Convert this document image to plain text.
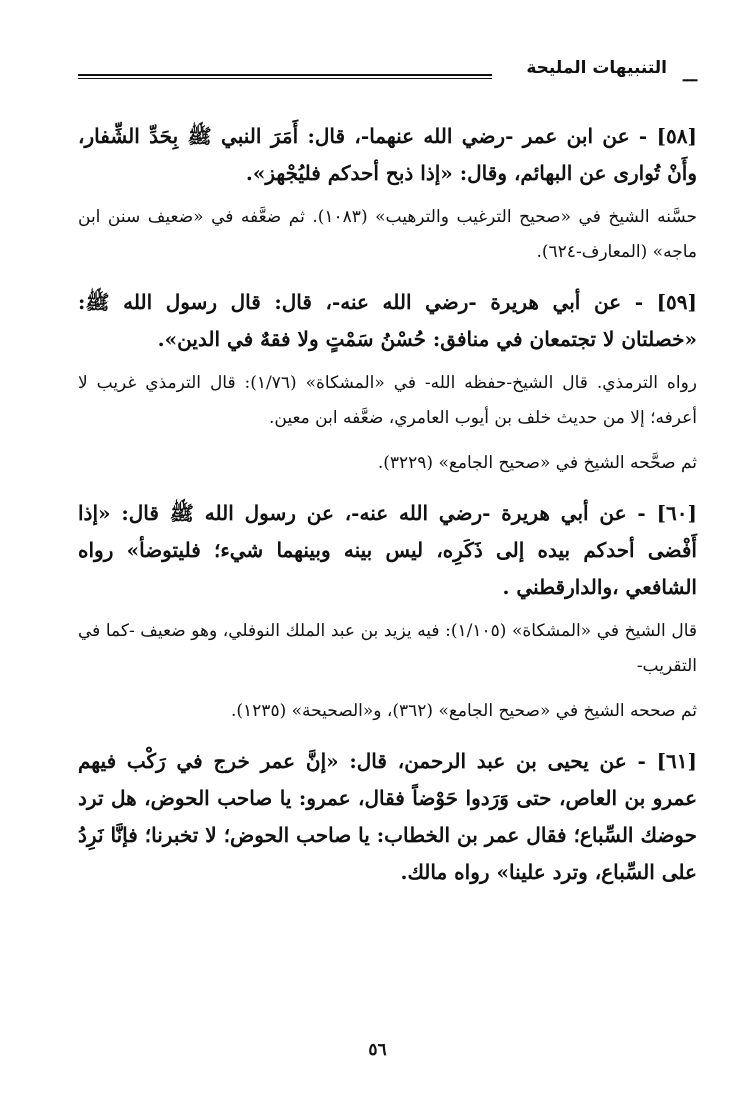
ـــ
التنبيهات المليحة

[٥٨] - عن ابن عمر -رضي الله عنهما-، قال: أَمَرَ النبي ﷺ بِحَدِّ الشِّفار، وأَنْ تُوارى عن البهائم، وقال: «إذا ذبح أحدكم فليُجْهز».

حسَّنه الشيخ في «صحيح الترغيب والترهيب» (١٠٨٣). ثم ضعَّفه في «ضعيف سنن ابن ماجه» (المعارف-٦٢٤).

[٥٩] - عن أبي هريرة -رضي الله عنه-، قال: قال رسول الله ﷺ: «خصلتان لا تجتمعان في منافق: حُسْنُ سَمْتٍ ولا فقهٌ في الدين».

رواه الترمذي. قال الشيخ-حفظه الله- في «المشكاة» (١/٧٦): قال الترمذي غريب لا أعرفه؛ إلا من حديث خلف بن أيوب العامري، ضعَّفه ابن معين.

ثم صحَّحه الشيخ في «صحيح الجامع» (٣٢٢٩).

[٦٠] - عن أبي هريرة -رضي الله عنه-، عن رسول الله ﷺ قال: «إذا أَفْضى أحدكم بيده إلى ذَكَرِه، ليس بينه وبينهما شيء؛ فليتوضأ» رواه الشافعي ،والدارقطني .

قال الشيخ في «المشكاة» (١/١٠٥): فيه يزيد بن عبد الملك النوفلي، وهو ضعيف -كما في التقريب-

ثم صححه الشيخ في «صحيح الجامع» (٣٦٢)، و«الصحيحة» (١٢٣٥).

[٦١] - عن يحيى بن عبد الرحمن، قال: «إنَّ عمر خرج في رَكْب فيهم عمرو بن العاص، حتى وَرَدوا حَوْضاً فقال، عمرو: يا صاحب الحوض، هل ترد حوضك السِّباع؛ فقال عمر بن الخطاب: يا صاحب الحوض؛ لا تخبرنا؛ فإنَّا نَرِدُ على السِّباع، وترد علينا» رواه مالك.

٥٦
